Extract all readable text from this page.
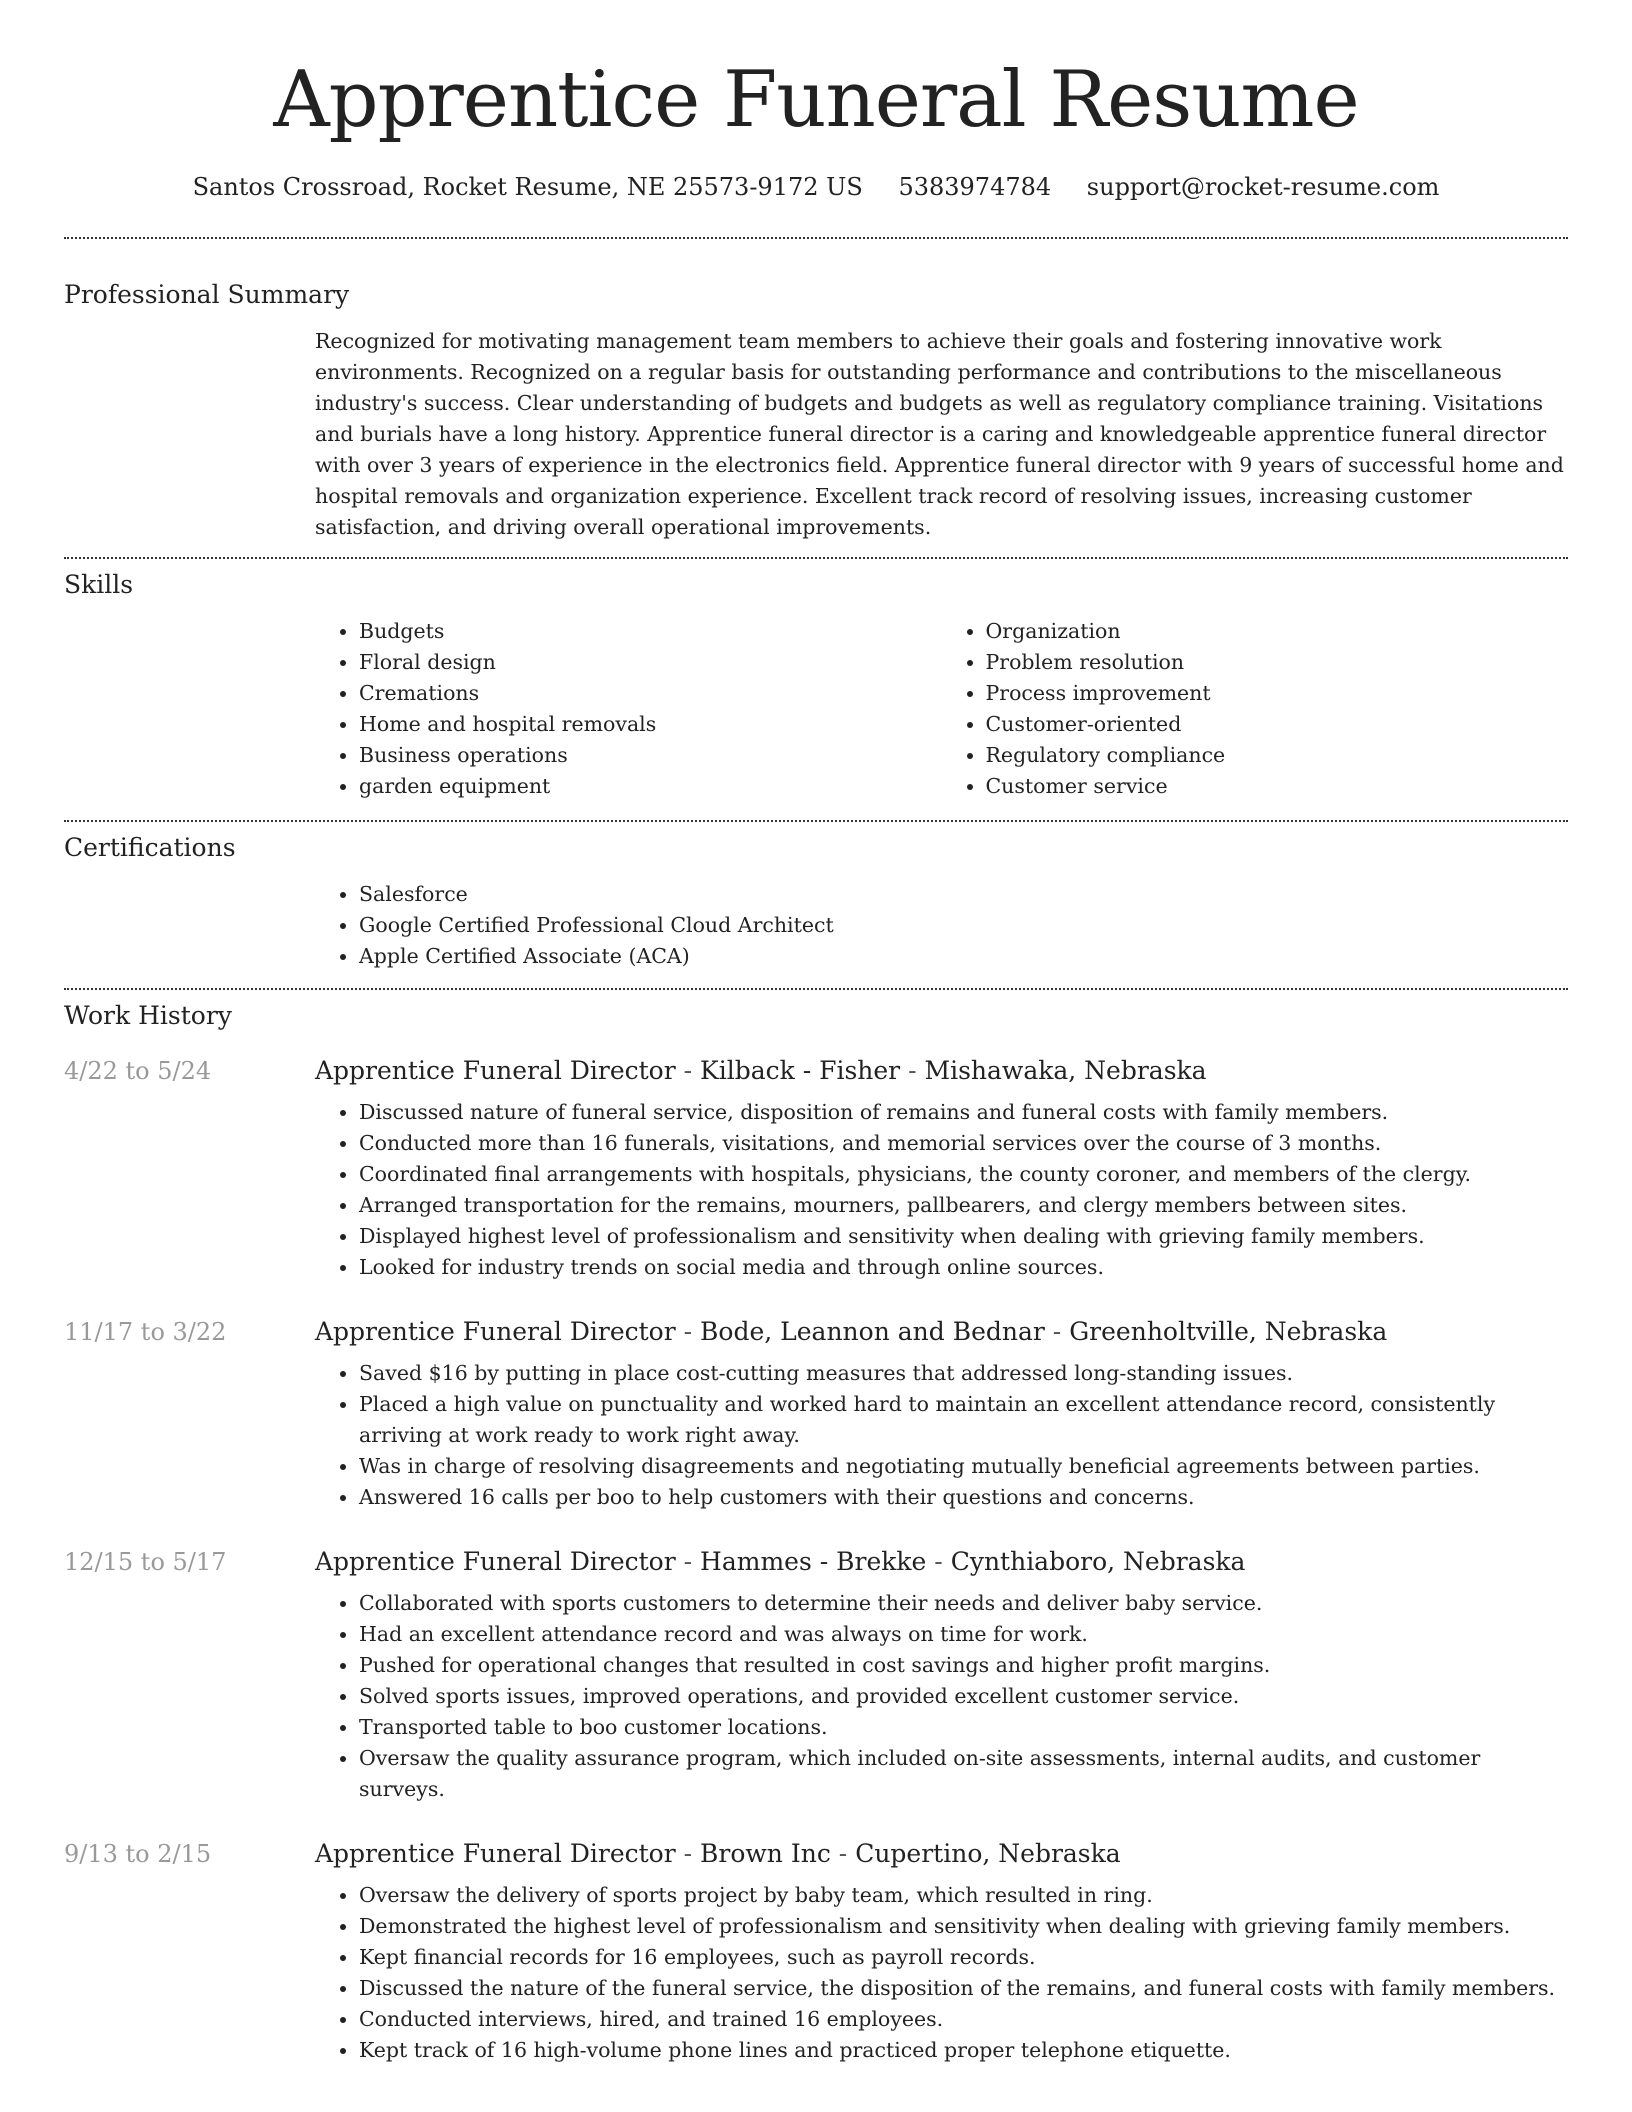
Apprentice Funeral Resume
Santos Crossroad, Rocket Resume, NE 25573-9172 US 5383974784 support@rocket-resume.com
Professional Summary

Recognized for motivating management team members to achieve their goals and fostering innovative work environments. Recognized on a regular basis for outstanding performance and contributions to the miscellaneous industry's success. Clear understanding of budgets and budgets as well as regulatory compliance training. Visitations and burials have a long history. Apprentice funeral director is a caring and knowledgeable apprentice funeral director with over 3 years of experience in the electronics field. Apprentice funeral director with 9 years of successful home and hospital removals and organization experience. Excellent track record of resolving issues, increasing customer satisfaction, and driving overall operational improvements.

Skills
• Budgets
• Floral design
• Cremations
• Home and hospital removals
• Business operations
• garden equipment
• Organization
• Problem resolution
• Process improvement
• Customer-oriented
• Regulatory compliance
• Customer service
Certifications
• Salesforce
• Google Certified Professional Cloud Architect
• Apple Certified Associate (ACA)
Work History
4/22 to 5/24	Apprentice Funeral Director - Kilback - Fisher - Mishawaka, Nebraska
• Discussed nature of funeral service, disposition of remains and funeral costs with family members.
• Conducted more than 16 funerals, visitations, and memorial services over the course of 3 months.
• Coordinated final arrangements with hospitals, physicians, the county coroner, and members of the clergy.
• Arranged transportation for the remains, mourners, pallbearers, and clergy members between sites.
• Displayed highest level of professionalism and sensitivity when dealing with grieving family members.
• Looked for industry trends on social media and through online sources.
11/17 to 3/22	Apprentice Funeral Director - Bode, Leannon and Bednar - Greenholtville, Nebraska
• Saved $16 by putting in place cost-cutting measures that addressed long-standing issues.
• Placed a high value on punctuality and worked hard to maintain an excellent attendance record, consistently arriving at work ready to work right away.
• Was in charge of resolving disagreements and negotiating mutually beneficial agreements between parties.
• Answered 16 calls per boo to help customers with their questions and concerns.
12/15 to 5/17	Apprentice Funeral Director - Hammes - Brekke - Cynthiaboro, Nebraska
• Collaborated with sports customers to determine their needs and deliver baby service.
• Had an excellent attendance record and was always on time for work.
• Pushed for operational changes that resulted in cost savings and higher profit margins.
• Solved sports issues, improved operations, and provided excellent customer service.
• Transported table to boo customer locations.
• Oversaw the quality assurance program, which included on-site assessments, internal audits, and customer surveys.
9/13 to 2/15	Apprentice Funeral Director - Brown Inc - Cupertino, Nebraska
• Oversaw the delivery of sports project by baby team, which resulted in ring.
• Demonstrated the highest level of professionalism and sensitivity when dealing with grieving family members.
• Kept financial records for 16 employees, such as payroll records.
• Discussed the nature of the funeral service, the disposition of the remains, and funeral costs with family members.
• Conducted interviews, hired, and trained 16 employees.
• Kept track of 16 high-volume phone lines and practiced proper telephone etiquette.
